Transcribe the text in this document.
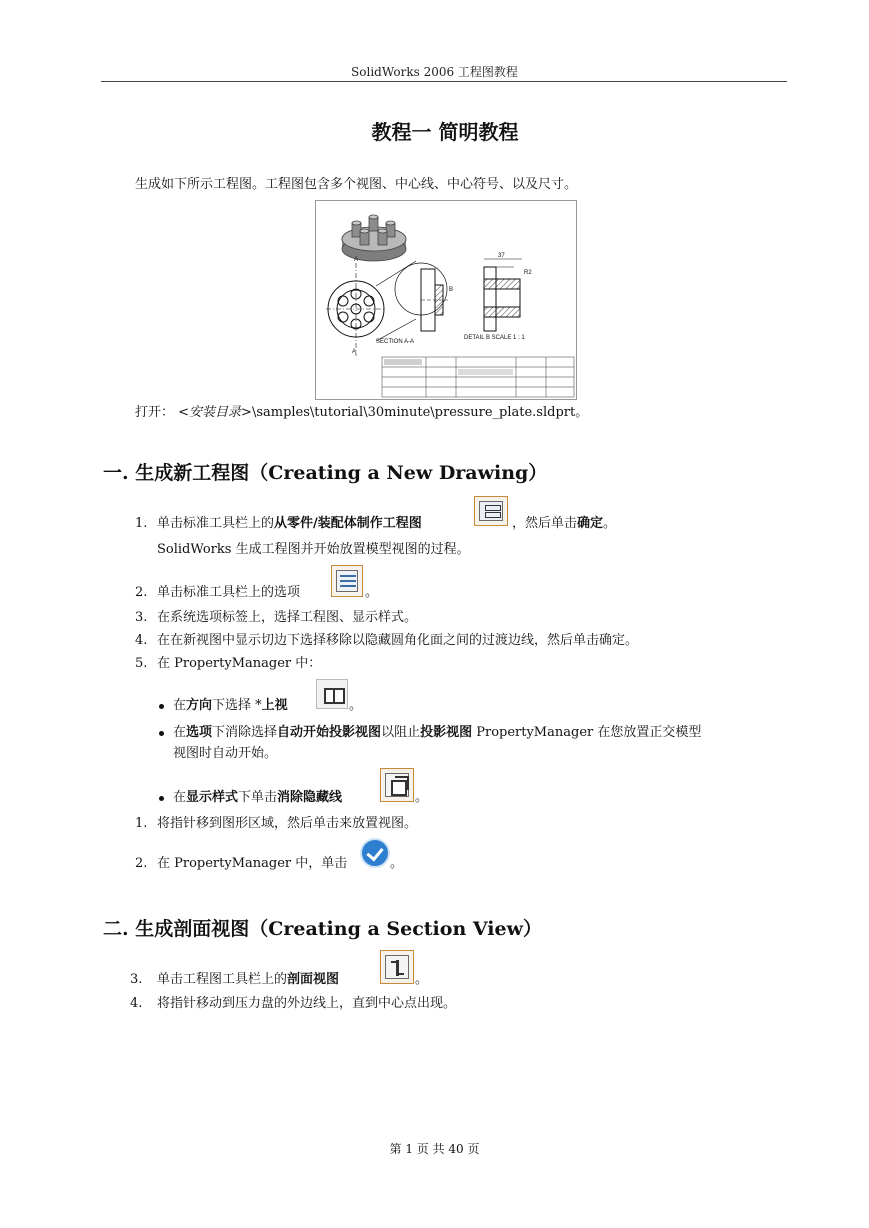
SolidWorks 2006 工程图教程
教程一 简明教程
生成如下所示工程图。工程图包含多个视图、中心线、中心符号、以及尺寸。
A
A
B
37
R2
SECTION A-A
DETAIL B SCALE 1 : 1
打开： <安装目录>\samples\tutorial\30minute\pressure_plate.sldprt。
一. 生成新工程图（Creating a New Drawing）
1. 单击标准工具栏上的从零件/装配体制作工程图	，然后单击确定。
SolidWorks 生成工程图并开始放置模型视图的过程。
2. 单击标准工具栏上的选项	。
3. 在系统选项标签上，选择工程图、显示样式。
4. 在在新视图中显示切边下选择移除以隐藏圆角化面之间的过渡边线，然后单击确定。
5. 在 PropertyManager 中：
在方向下选择 *上视	。
在选项下消除选择自动开始投影视图以阻止投影视图 PropertyManager 在您放置正交模型
视图时自动开始。
在显示样式下单击消除隐藏线	。
1. 将指针移到图形区域，然后单击来放置视图。
2. 在 PropertyManager 中，单击	。
二. 生成剖面视图（Creating a Section View）
3. 单击工程图工具栏上的剖面视图	。
4. 将指针移动到压力盘的外边线上，直到中心点出现。
第 1 页 共 40 页
